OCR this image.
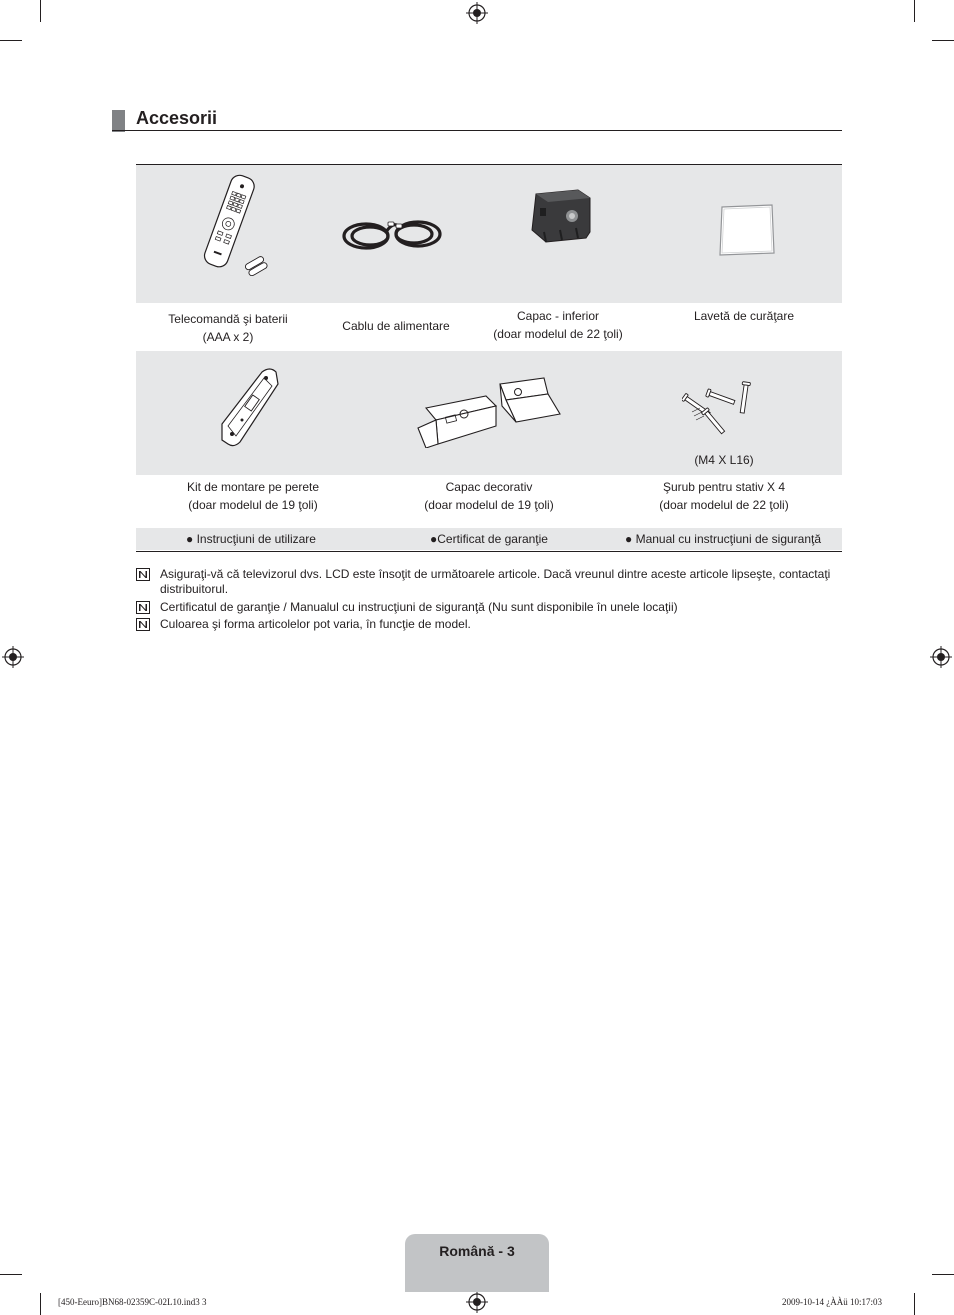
Accesorii
Telecomandă şi baterii
(AAA x 2)
Cablu de alimentare
Capac - inferior
(doar modelul de 22 ţoli)
Lavetă de curăţare
(M4 X L16)
Kit de montare pe perete
(doar modelul de 19 ţoli)
Capac decorativ
(doar modelul de 19 ţoli)
Şurub pentru stativ X 4
(doar modelul de 22 ţoli)
● Instrucţiuni de utilizare	●Certificat de garanţie	● Manual cu instrucţiuni de siguranţă
Asiguraţi-vă că televizorul dvs. LCD este însoţit de următoarele articole. Dacă vreunul dintre aceste articole lipseşte, contactaţi distribuitorul.
Certificatul de garanţie / Manualul cu instrucţiuni de siguranţă (Nu sunt disponibile în unele locaţii)
Culoarea şi forma articolelor pot varia, în funcţie de model.
Română - 3
[450-Eeuro]BN68-02359C-02L10.ind3 3	2009-10-14 ¿ÀÀü 10:17:03
